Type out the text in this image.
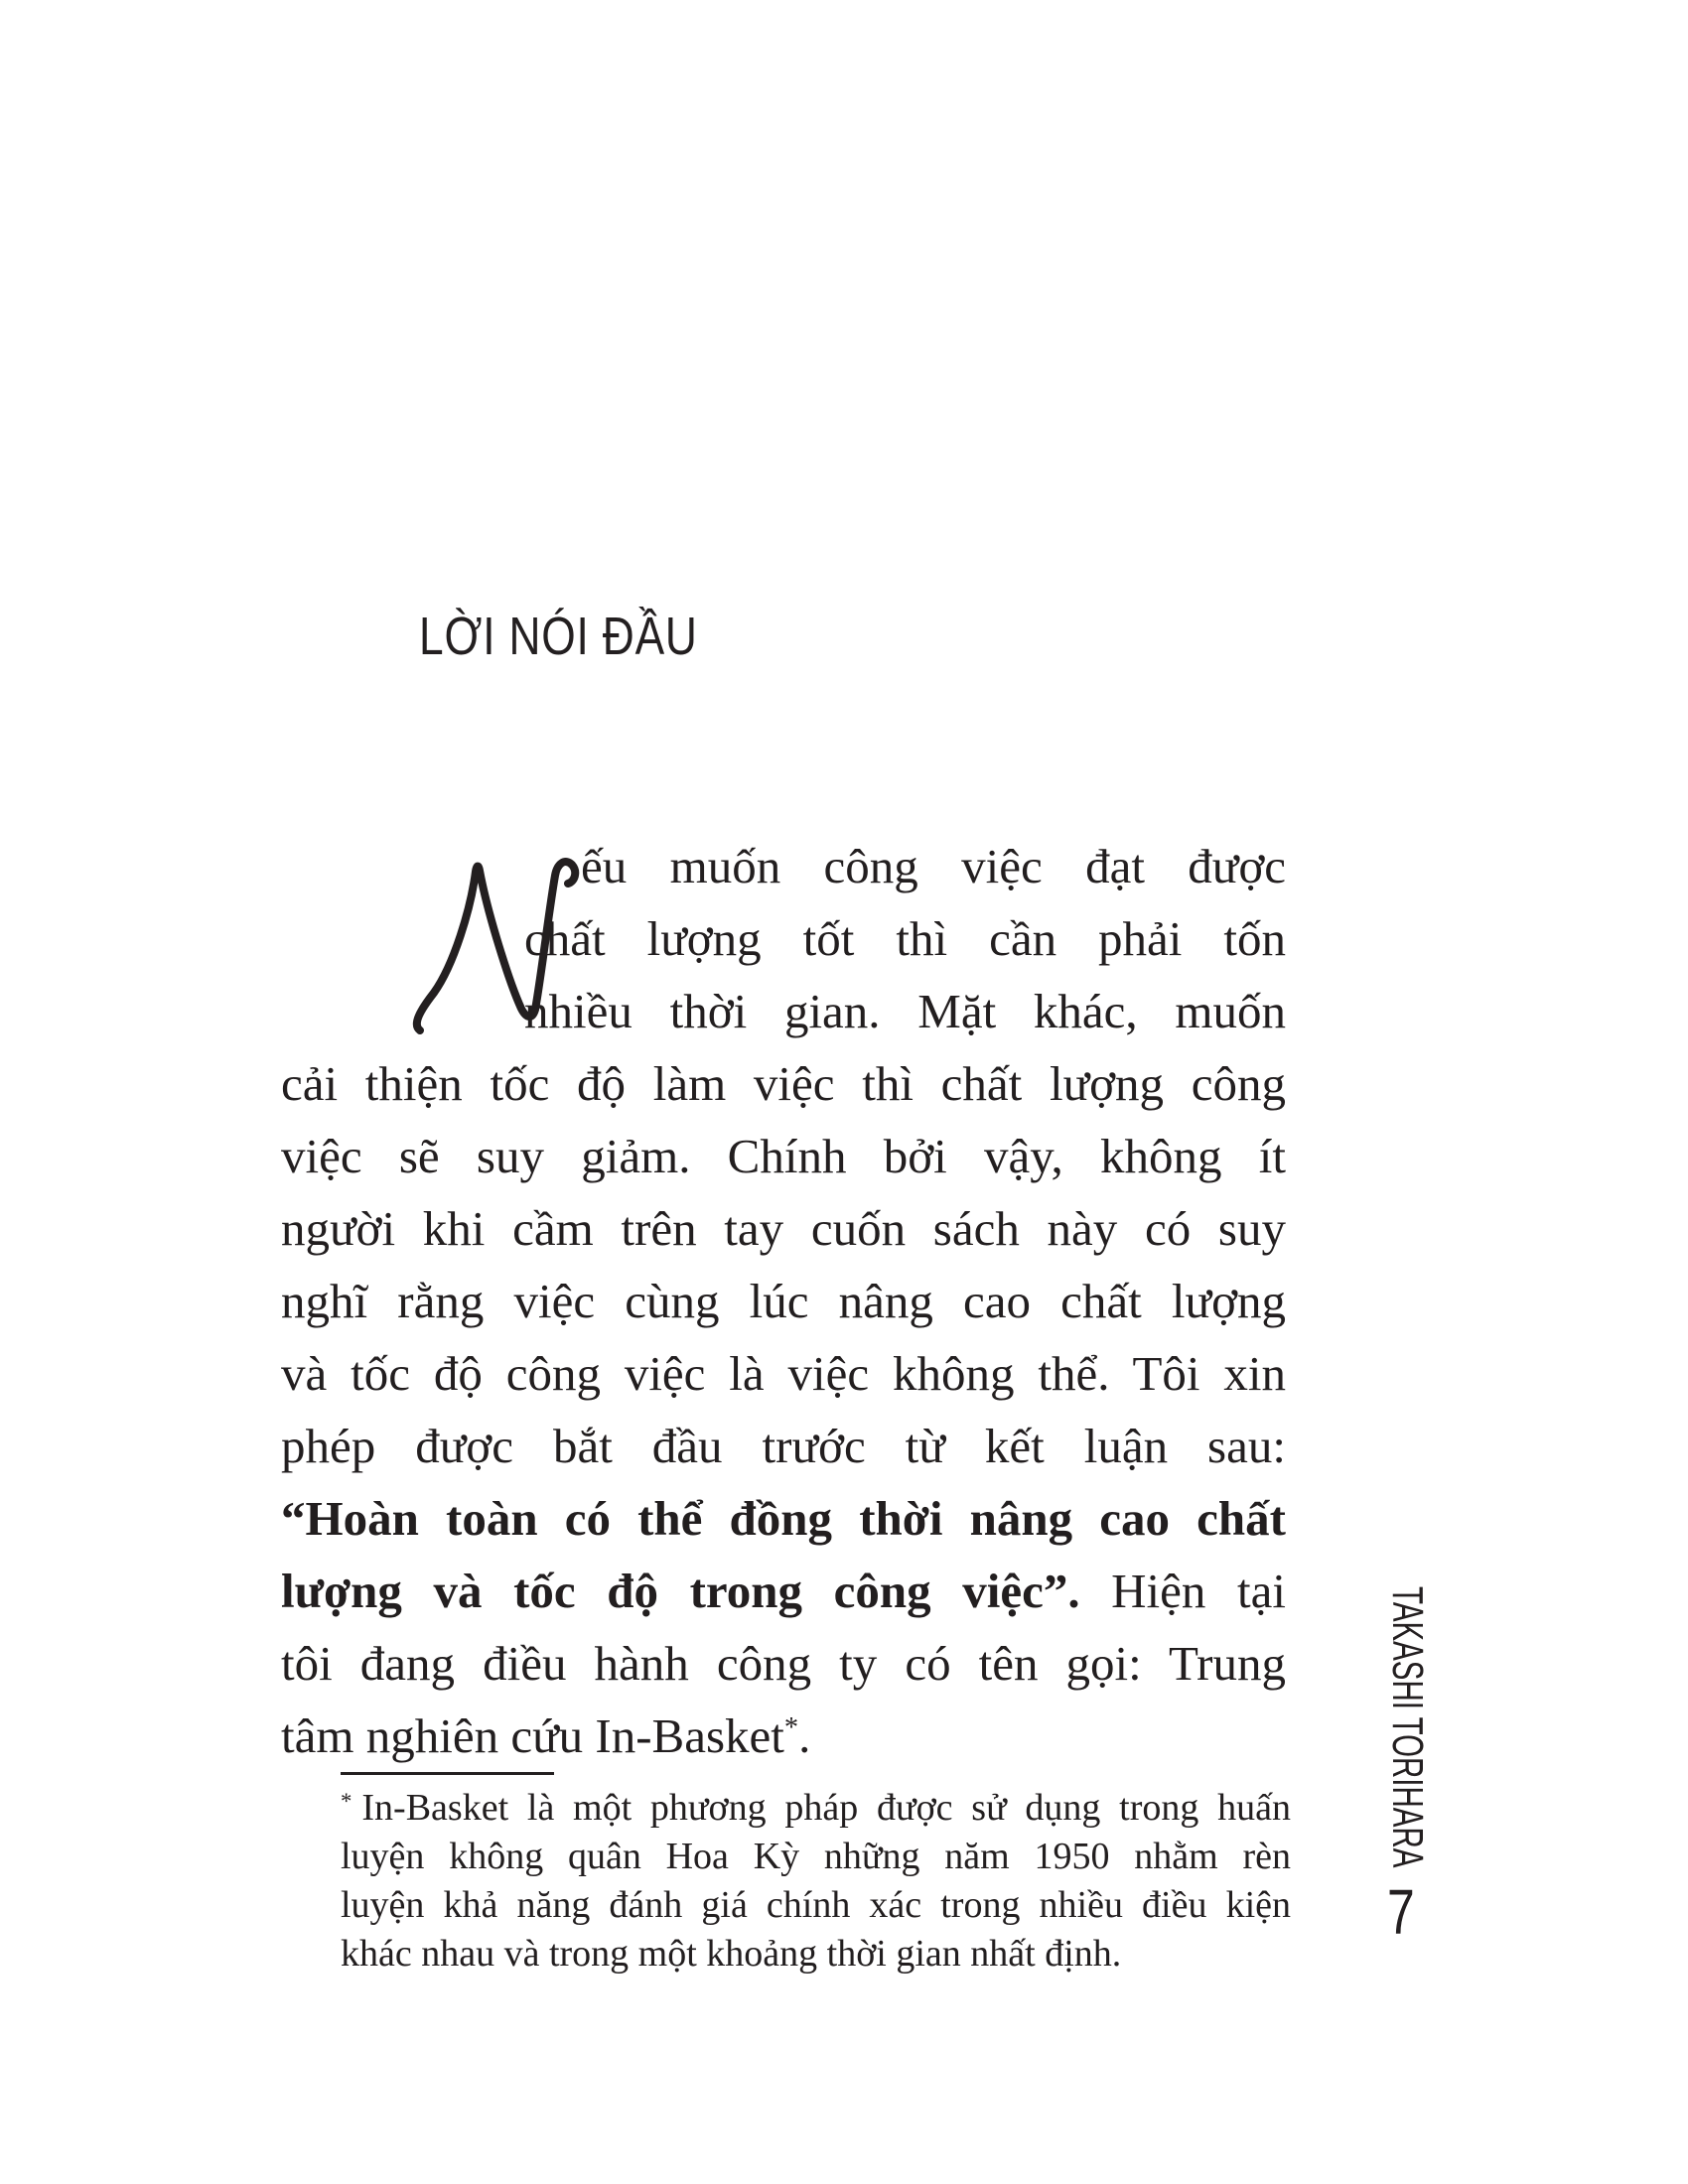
LỜI NÓI ĐẦU
ếu muốn công việc đạt được
chất lượng tốt thì cần phải tốn
nhiều thời gian. Mặt khác, muốn
cải thiện tốc độ làm việc thì chất lượng công
việc sẽ suy giảm. Chính bởi vậy, không ít
người khi cầm trên tay cuốn sách này có suy
nghĩ rằng việc cùng lúc nâng cao chất lượng
và tốc độ công việc là việc không thể. Tôi xin
phép được bắt đầu trước từ kết luận sau:
“Hoàn toàn có thể đồng thời nâng cao chất
lượng và tốc độ trong công việc”. Hiện tại
tôi đang điều hành công ty có tên gọi: Trung
tâm nghiên cứu In-Basket*.
* In-Basket là một phương pháp được sử dụng trong huấn
luyện không quân Hoa Kỳ những năm 1950 nhằm rèn
luyện khả năng đánh giá chính xác trong nhiều điều kiện
khác nhau và trong một khoảng thời gian nhất định.
TAKASHI TORIHARA
7
